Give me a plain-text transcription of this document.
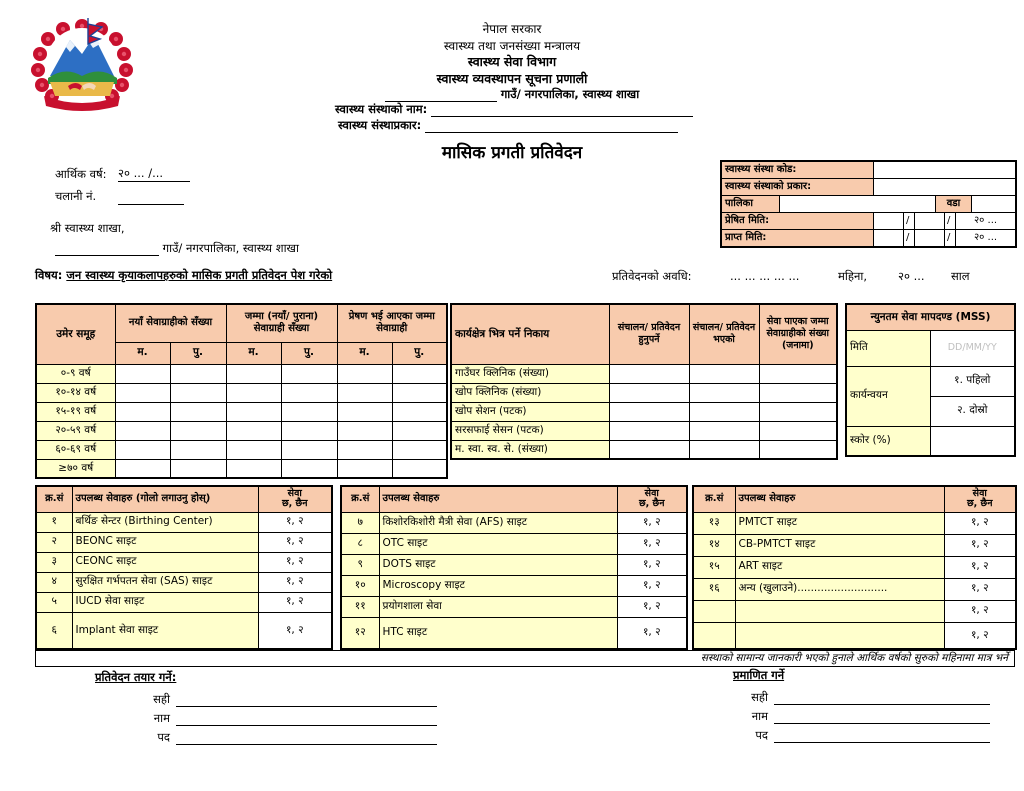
नेपाल सरकार
स्वास्थ्य तथा जनसंख्या मन्त्रालय
स्वास्थ्य सेवा विभाग
स्वास्थ्य व्यवस्थापन सूचना प्रणाली
गाउँ/ नगरपालिका, स्वास्थ्य शाखा
स्वास्थ्य संस्थाको नाम:
स्वास्थ्य संस्थाप्रकार:
मासिक प्रगती प्रतिवेदन
आर्थिक वर्ष: २० ... /...
चलानी नं.
श्री स्वास्थ्य शाखा,
गाउँ/ नगरपालिका, स्वास्थ्य शाखा
विषय: जन स्वास्थ्य कृयाकलापहरुको मासिक प्रगती प्रतिवेदन पेश गरेको	प्रतिवेदनको अवधि:	... ... ... ... ...	महिना,	२० ... साल
स्वास्थ्य संस्था कोड:
स्वास्थ्य संस्थाको प्रकार:
पालिका	वडा
प्रेषित मिति:	/	/	२० ...
प्राप्त मिति:	/	/	२० ...
उमेर समूह	नयाँ सेवाग्राहीको सँख्या		जम्मा (नयाँ/ पुराना) सेवाग्राही सँख्या		प्रेषण भई आएका जम्मा सेवाग्राही	
	म.	पु.	म.	पु.	म.	पु.
०-९ वर्ष						
१०-१४ वर्ष						
१५-१९ वर्ष						
२०-५९ वर्ष						
६०-६९ वर्ष						
≥७० वर्ष						
कार्यक्षेत्र भित्र पर्ने निकाय	संचालन/ प्रतिवेदन हुनुपर्ने	संचालन/ प्रतिवेदन भएको	सेवा पाएका जम्मा सेवाग्राहीको संख्या (जनामा)
गाउँघर क्लिनिक (संख्या)			
खोप क्लिनिक (संख्या)			
खोप सेशन (पटक)			
सरसफाई सेसन (पटक)			
म. स्वा. स्व. से. (संख्या)			
न्युनतम सेवा मापदण्ड (MSS)	
मिति	DD/MM/YY
कार्यन्वयन	१. पहिलो
	२. दोस्रो
स्कोर (%)	
क्र.सं	उपलब्ध सेवाहरु (गोलो लगाउनु होस्)	सेवा
छ, छैन
१	बर्थिङ सेन्टर (Birthing Center)	१, २
२	BEONC साइट	१, २
३	CEONC साइट	१, २
४	सुरक्षित गर्भपतन सेवा (SAS) साइट	१, २
५	IUCD सेवा साइट	१, २
६	Implant सेवा साइट	१, २
क्र.सं	उपलब्ध सेवाहरु	सेवा
छ, छैन
७	किशोरकिशोरी मैत्री सेवा (AFS) साइट	१, २
८	OTC साइट	१, २
९	DOTS साइट	१, २
१०	Microscopy साइट	१, २
११	प्रयोगशाला सेवा	१, २
१२	HTC साइट	१, २
क्र.सं	उपलब्ध सेवाहरु	सेवा
छ, छैन
१३	PMTCT साइट	१, २
१४	CB-PMTCT साइट	१, २
१५	ART साइट	१, २
१६	अन्य (खुलाउने)...........................	१, २
		१, २
		१, २
सस्थाको सामान्य जानकारी भएको हुनाले आर्थिक वर्षको सुरुको महिनामा मात्र भर्ने
प्रतिवेदन तयार गर्ने:
सही
नाम
पद
प्रमाणित गर्ने
सही
नाम
पद
